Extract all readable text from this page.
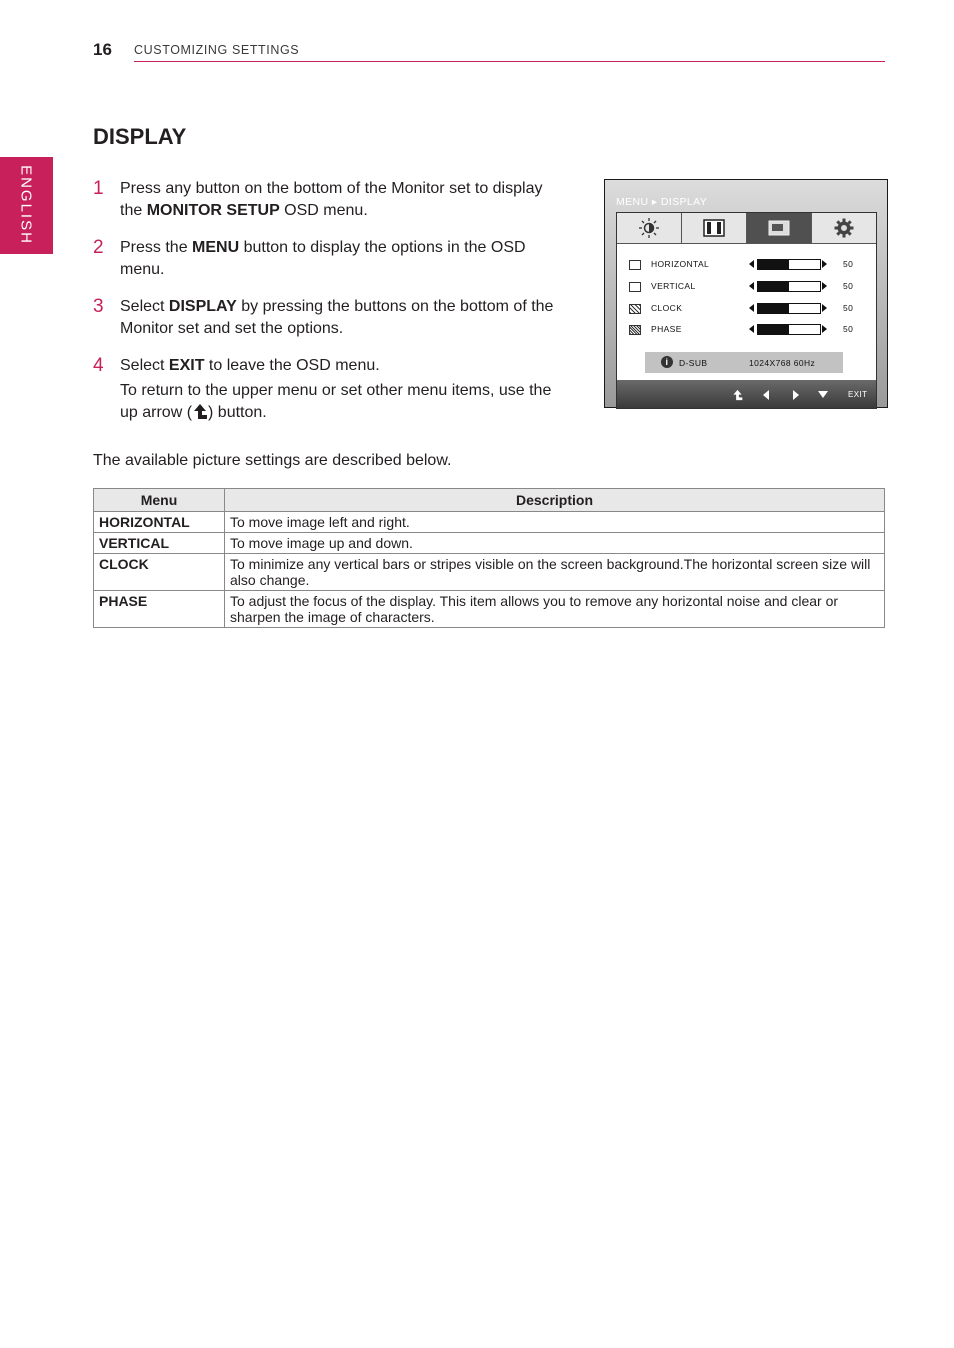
16 CUSTOMIZING SETTINGS
ENGLISH
DISPLAY
1 Press any button on the bottom of the Monitor set to display the MONITOR SETUP OSD menu.

2 Press the MENU button to display the options in the OSD menu.

3 Select DISPLAY by pressing the buttons on the bottom of the Monitor set and set the options.

4 Select EXIT to leave the OSD menu.

To return to the upper menu or set other menu items, use the up arrow ( ) button.

MENU ▸ DISPLAY
HORIZONTAL	50
VERTICAL	50
CLOCK	50
PHASE	50
i	D-SUB	1024X768 60Hz
EXIT
The available picture settings are described below.
Menu	Description
HORIZONTAL	To move image left and right.
VERTICAL	To move image up and down.
CLOCK	To minimize any vertical bars or stripes visible on the screen background.The horizontal screen size will also change.
PHASE	To adjust the focus of the display. This item allows you to remove any horizontal noise and clear or sharpen the image of characters.
